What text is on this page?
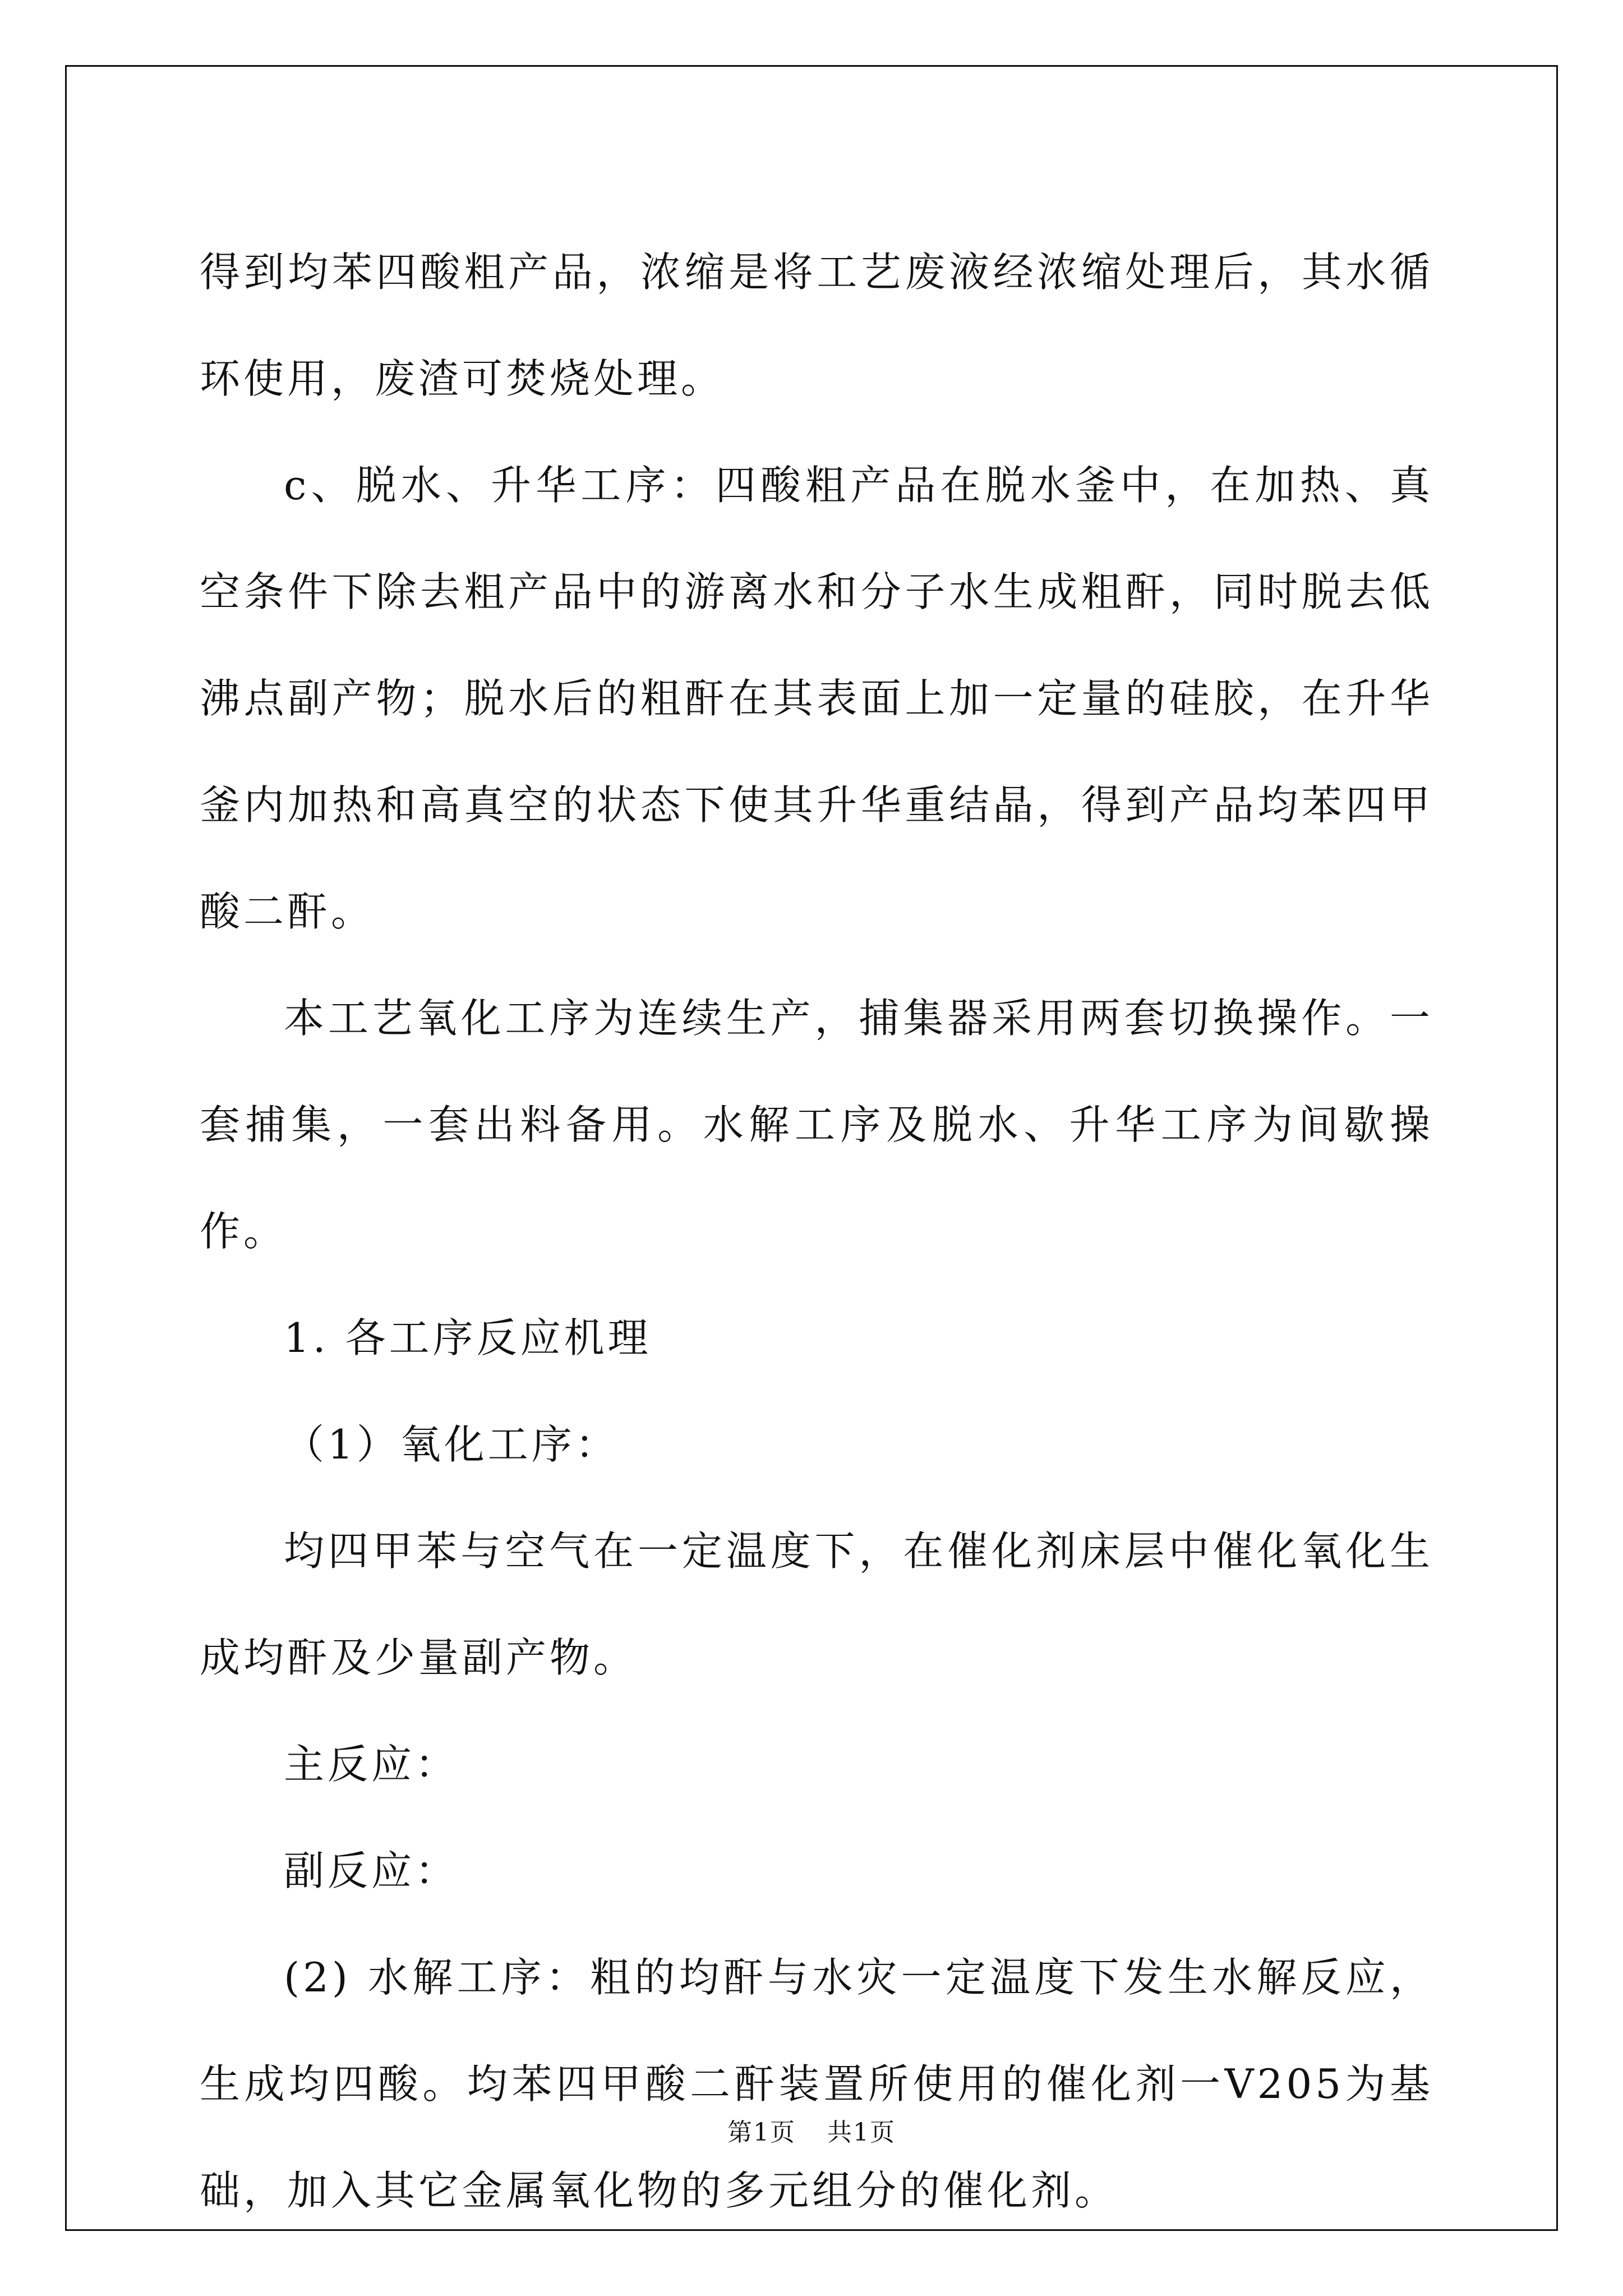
得到均苯四酸粗产品，浓缩是将工艺废液经浓缩处理后，其水循环使用，废渣可焚烧处理。

c、脱水、升华工序：四酸粗产品在脱水釜中，在加热、真空条件下除去粗产品中的游离水和分子水生成粗酐，同时脱去低沸点副产物；脱水后的粗酐在其表面上加一定量的硅胶，在升华釜内加热和高真空的状态下使其升华重结晶，得到产品均苯四甲酸二酐。

本工艺氧化工序为连续生产，捕集器采用两套切换操作。一套捕集，一套出料备用。水解工序及脱水、升华工序为间歇操作。

1. 各工序反应机理

（1）氧化工序：

均四甲苯与空气在一定温度下，在催化剂床层中催化氧化生成均酐及少量副产物。

主反应：

副反应：

(2) 水解工序：粗的均酐与水灾一定温度下发生水解反应，生成均四酸。均苯四甲酸二酐装置所使用的催化剂一V205为基础，加入其它金属氧化物的多元组分的催化剂。

第1页 共1页
